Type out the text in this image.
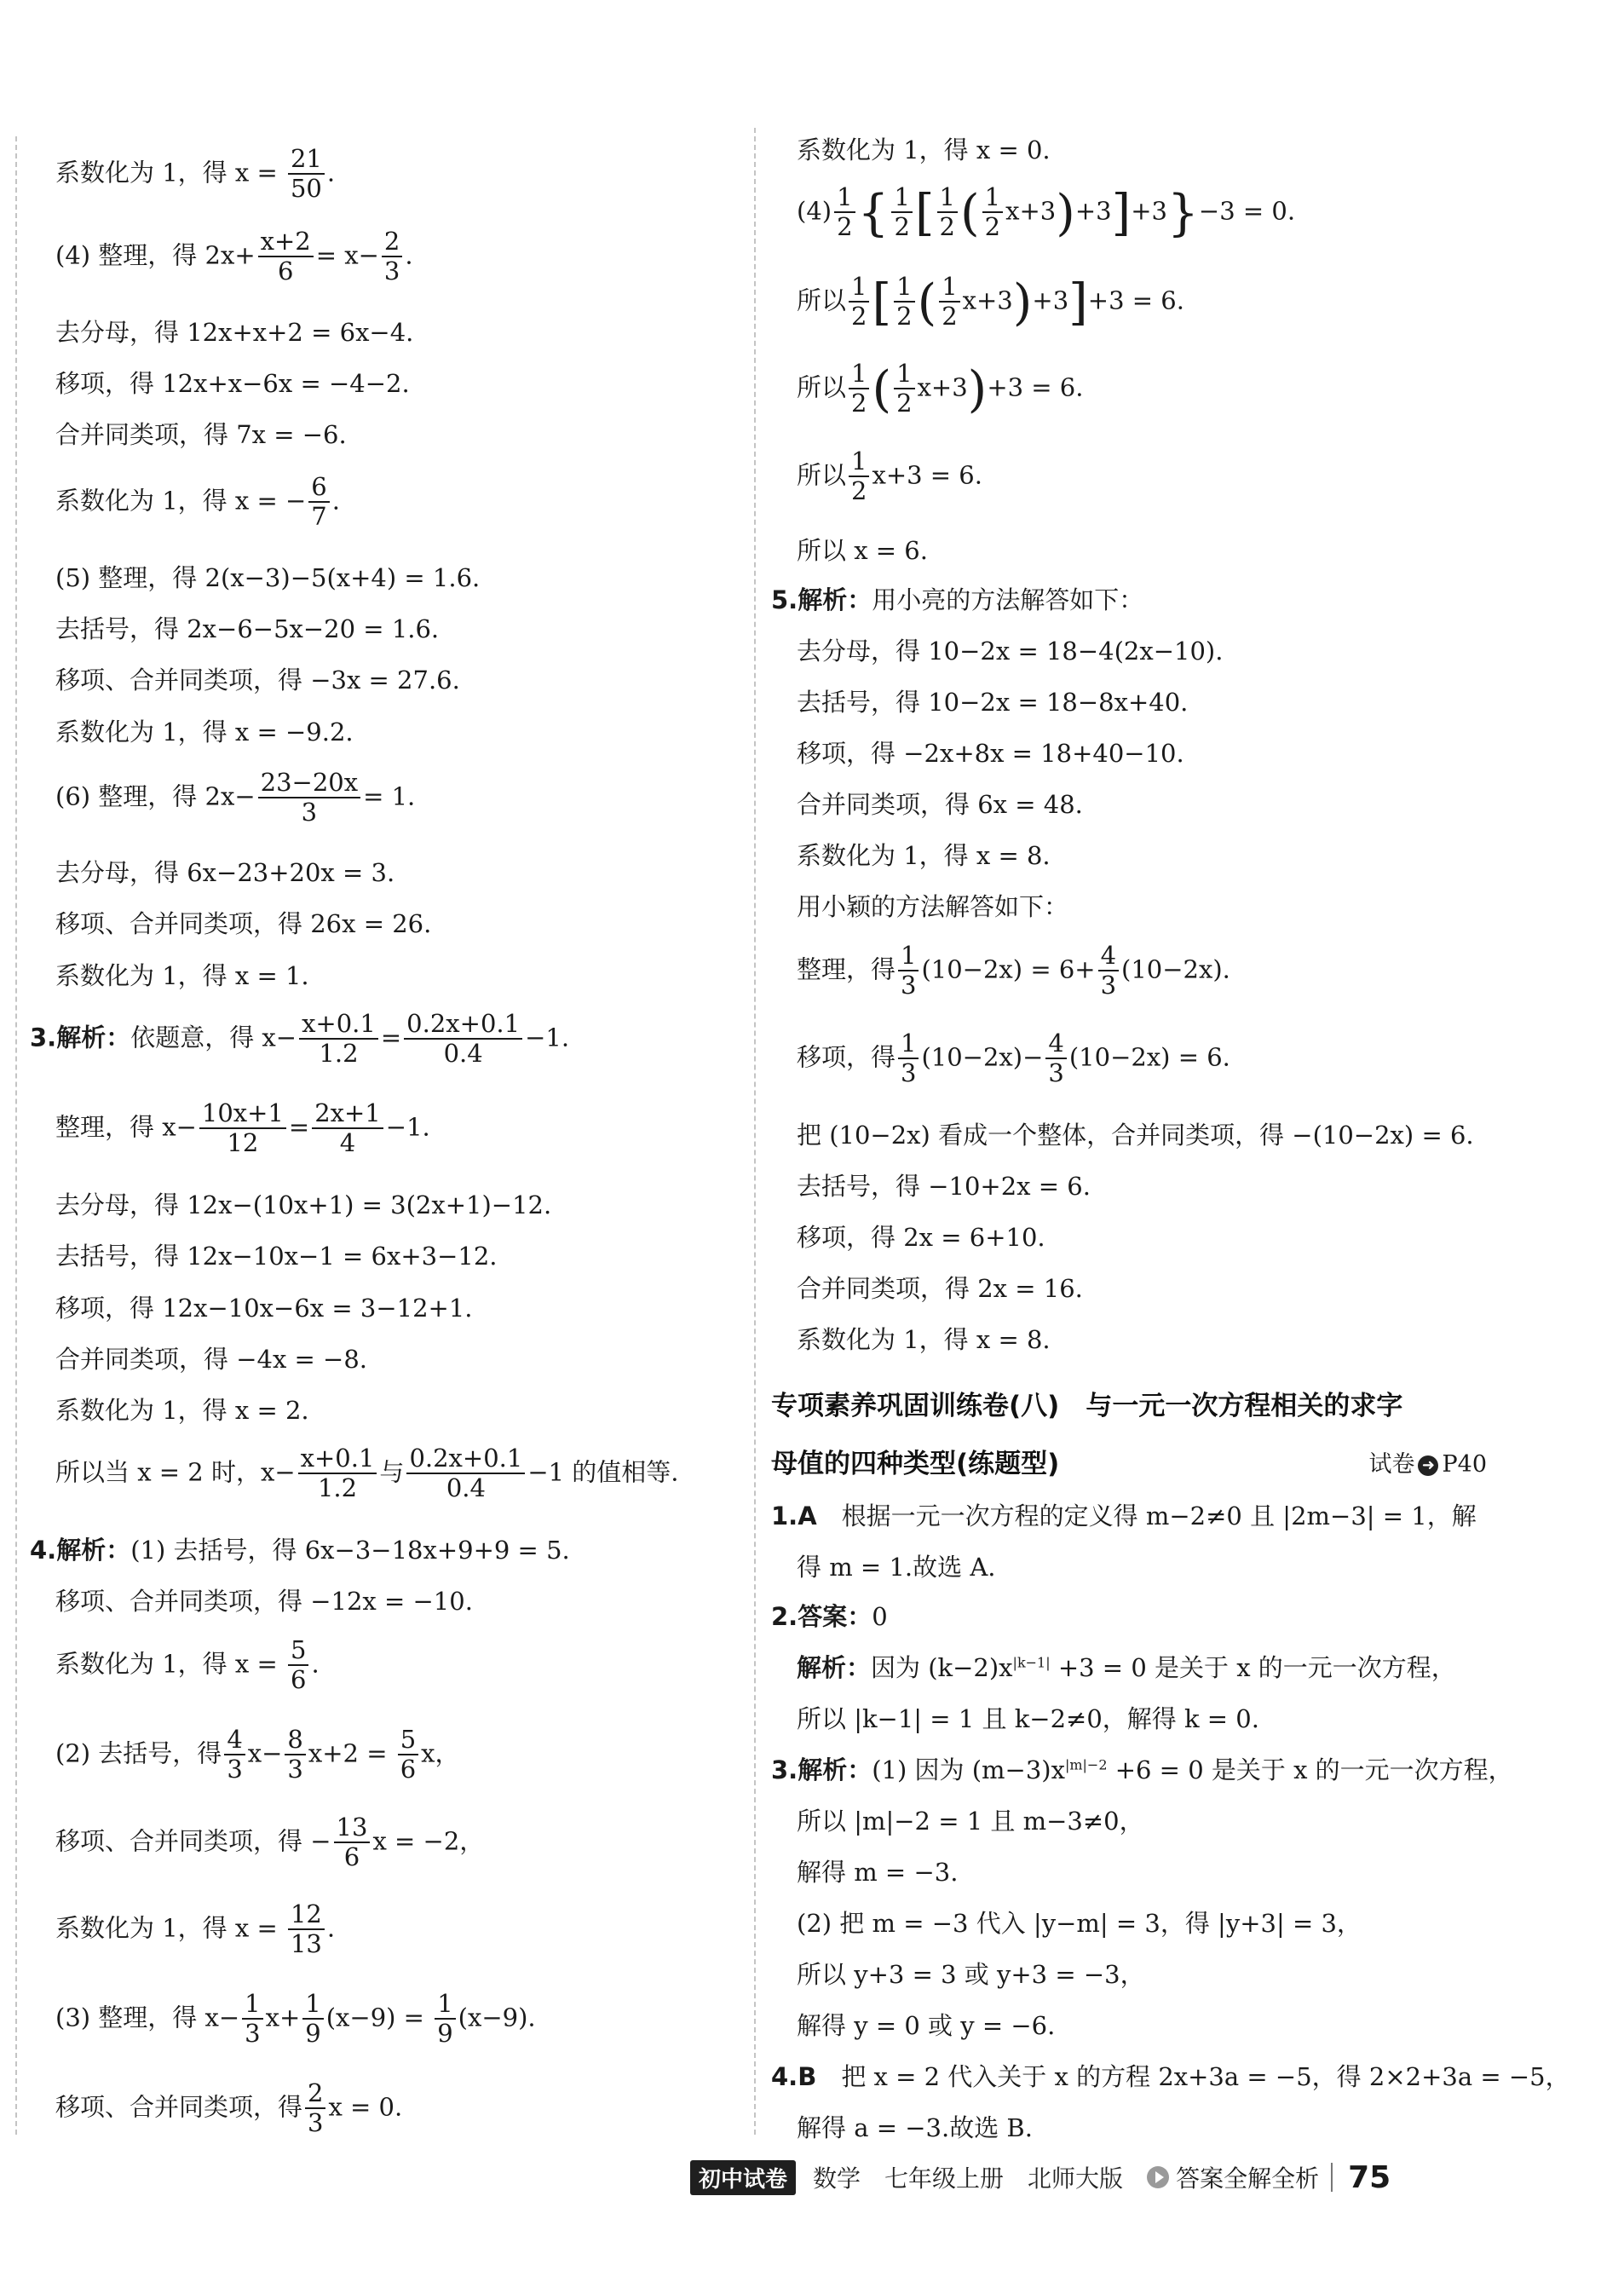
系数化为 1，得 $x = \frac{21}{50}$ .
(4) 整理，得 $2x+ \frac{x+2}{6} = x- \frac{2}{3}$ .
去分母，得 12x+x+2 = 6x−4.
移项，得 12x+x−6x = −4−2.
合并同类项，得 7x = −6.
系数化为 1，得 x = − $\frac{6}{7}$ .
(5) 整理，得 2(x−3)−5(x+4) = 1.6.
去括号，得 2x−6−5x−20 = 1.6.
移项、合并同类项，得 −3x = 27.6.
系数化为 1，得 x = −9.2.
(6) 整理，得 $2x- \frac{23-20x}{3} = 1$.
去分母，得 6x−23+20x = 3.
移项、合并同类项，得 26x = 26.
系数化为 1，得 x = 1.
3.解析：依题意，得 $x- \frac{x+0.1}{1.2} = \frac{0.2x+0.1}{0.4} -1$.
整理，得 $x- \frac{10x+1}{12} = \frac{2x+1}{4} -1$.
去分母，得 12x−(10x+1) = 3(2x+1)−12.
去括号，得 12x−10x−1 = 6x+3−12.
移项，得 12x−10x−6x = 3−12+1.
合并同类项，得 −4x = −8.
系数化为 1，得 x = 2.
所以当 x = 2 时，$x- \frac{x+0.1}{1.2}$ 与 $\frac{0.2x+0.1}{0.4} -1$ 的值相等.
4.解析：(1) 去括号，得 6x−3−18x+9+9 = 5.
移项、合并同类项，得 −12x = −10.
系数化为 1，得 $x = \frac{5}{6}$ .
(2) 去括号，得 $\frac{4}{3} x- \frac{8}{3} x+2 = \frac{5}{6}$ x，
移项、合并同类项，得 − $\frac{13}{6}$ x = −2，
系数化为 1，得 $x = \frac{12}{13}$ .
(3) 整理，得 $x- \frac{1}{3} x+ \frac{1}{9} (x-9) = \frac{1}{9} (x-9)$.
移项、合并同类项，得 $\frac{2}{3}$ x = 0.
系数化为 1，得 x = 0.
$(4) \frac{1}{2}$ { $\frac{1}{2}$ [ $\frac{1}{2}$ ( $\frac{1}{2} x+3)+3]+3\}-3 = 0$.
所以 $\frac{1}{2}$ [ $\frac{1}{2}$ ( $\frac{1}{2} x+3)+3]+3 = 6$.
所以 $\frac{1}{2}$ ( $\frac{1}{2} x+3)+3 = 6$.
所以 $\frac{1}{2} x+3 = 6$.
所以 x = 6.
5.解析：用小亮的方法解答如下：
去分母，得 10−2x = 18−4(2x−10).
去括号，得 10−2x = 18−8x+40.
移项，得 −2x+8x = 18+40−10.
合并同类项，得 6x = 48.
系数化为 1，得 x = 8.
用小颖的方法解答如下：
整理，得 $\frac{1}{3} (10-2x) = 6+ \frac{4}{3} (10-2x)$.
移项，得 $\frac{1}{3} (10-2x)- \frac{4}{3} (10-2x) = 6$.
把 (10−2x) 看成一个整体，合并同类项，得 −(10−2x) = 6.
去括号，得 −10+2x = 6.
移项，得 2x = 6+10.
合并同类项，得 2x = 16.
系数化为 1，得 x = 8.
专项素养巩固训练卷(八)　与一元一次方程相关的求字
母值的四种类型(练题型)	试卷 ➜ P40
1.A　 根据一元一次方程的定义得 m−2≠0 且 |2m−3| = 1，解
得 m = 1.故选 A.
2.答案：0
解析：因为 $(k-2)x^{|k-1|} +3 = 0$ 是关于 x 的一元一次方程，
所以 |k−1| = 1 且 k−2≠0，解得 k = 0.
3.解析：(1) 因为 $(m-3)x^{|m|-2} +6 = 0$ 是关于 x 的一元一次方程，
所以 |m|−2 = 1 且 m−3≠0，
解得 m = −3.
(2) 把 m = −3 代入 |y−m| = 3，得 |y+3| = 3，
所以 y+3 = 3 或 y+3 = −3，
解得 y = 0 或 y = −6.
4.B　 把 x = 2 代入关于 x 的方程 2x+3a = −5，得 2×2+3a = −5，
解得 a = −3.故选 B.
初中试卷	数学 七年级上册 北师大版 答案全解全析 75
